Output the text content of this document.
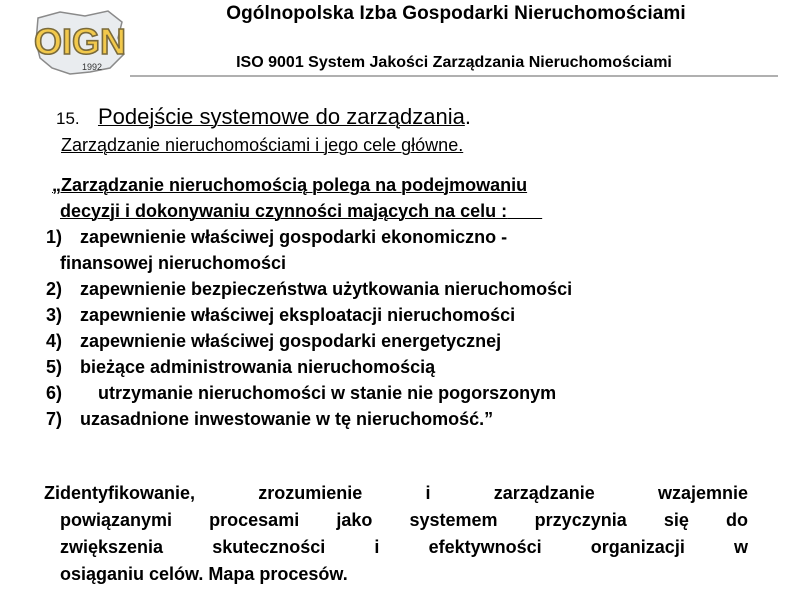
OIGN
1992
Ogólnopolska Izba Gospodarki Nieruchomościami
ISO 9001 System Jakości Zarządzania Nieruchomościami
15. Podejście systemowe do zarządzania.
Zarządzanie nieruchomościami i jego cele główne.
„Zarządzanie nieruchomością polega na podejmowaniu
decyzji i dokonywaniu czynności mających na celu :
1) zapewnienie właściwej gospodarki ekonomiczno -
finansowej nieruchomości
2) zapewnienie bezpieczeństwa użytkowania nieruchomości
3) zapewnienie właściwej eksploatacji nieruchomości
4) zapewnienie właściwej gospodarki energetycznej
5) bieżące administrowania nieruchomością
6) utrzymanie nieruchomości w stanie nie pogorszonym
7) uzasadnione inwestowanie w tę nieruchomość.”
Zidentyfikowanie, zrozumienie i zarządzanie wzajemnie
powiązanymi procesami jako systemem przyczynia się do
zwiększenia skuteczności i efektywności organizacji w
osiąganiu celów. Mapa procesów.
